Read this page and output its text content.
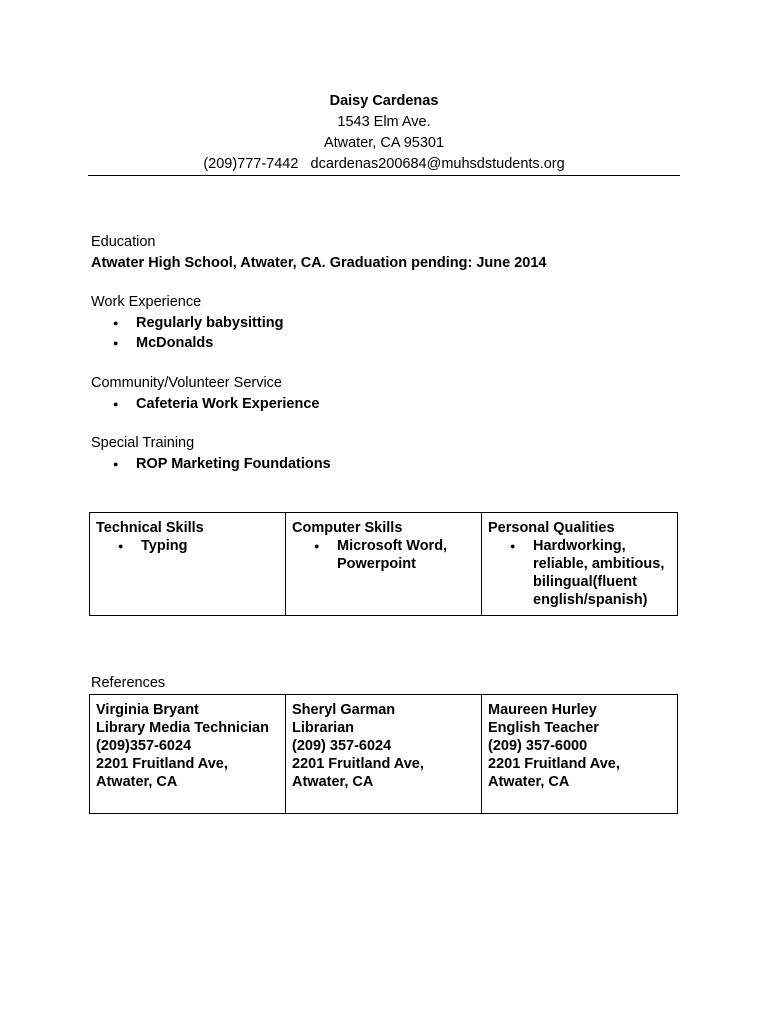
Daisy Cardenas
1543 Elm Ave.
Atwater, CA 95301
(209)777-7442   dcardenas200684@muhsdstudents.org
Education
Atwater High School, Atwater, CA. Graduation pending: June 2014
Work Experience
● Regularly babysitting
● McDonalds
Community/Volunteer Service
● Cafeteria Work Experience
Special Training
● ROP Marketing Foundations
Technical Skills
● Typing

Computer Skills
● Microsoft Word, Powerpoint

Personal Qualities
● Hardworking, reliable, ambitious, bilingual(fluent english/spanish)
References
Virginia Bryant
Library Media Technician
(209)357-6024
2201 Fruitland Ave,
Atwater, CA

Sheryl Garman
Librarian
(209) 357-6024
2201 Fruitland Ave,
Atwater, CA

Maureen Hurley
English Teacher
(209) 357-6000
2201 Fruitland Ave,
Atwater, CA
